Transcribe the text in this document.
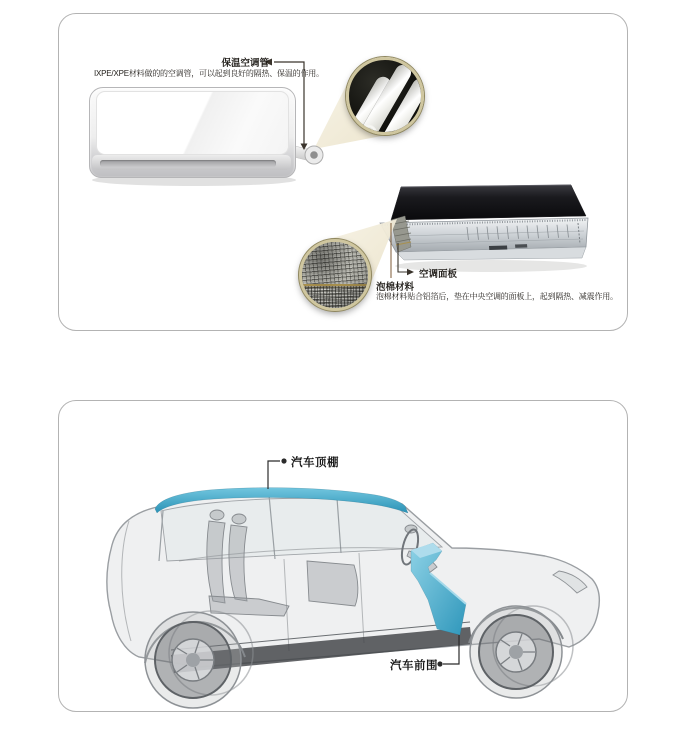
保温空调管
IXPE/XPE材料做的的空调管，可以起到良好的隔热、保温的作用。
空调面板
泡棉材料
泡棉材料贴合铝箔后，垫在中央空调的面板上，起到隔热、减震作用。
汽车顶棚
汽车前围
